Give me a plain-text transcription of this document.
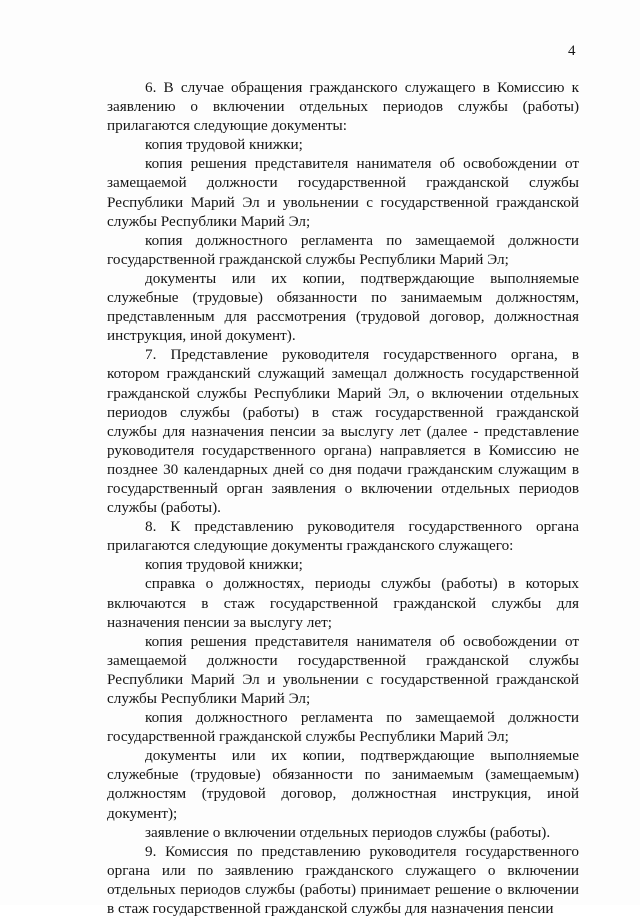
4

6. В случае обращения гражданского служащего в Комиссию к заявлению о включении отдельных периодов службы (работы) прилагаются следующие документы:

копия трудовой книжки;

копия решения представителя нанимателя об освобождении от замещаемой должности государственной гражданской службы Республики Марий Эл и увольнении с государственной гражданской службы Республики Марий Эл;

копия должностного регламента по замещаемой должности государственной гражданской службы Республики Марий Эл;

документы или их копии, подтверждающие выполняемые служебные (трудовые) обязанности по занимаемым должностям, представленным для рассмотрения (трудовой договор, должностная инструкция, иной документ).

7. Представление руководителя государственного органа, в котором гражданский служащий замещал должность государственной гражданской службы Республики Марий Эл, о включении отдельных периодов службы (работы) в стаж государственной гражданской службы для назначения пенсии за выслугу лет (далее - представление руководителя государственного органа) направляется в Комиссию не позднее 30 календарных дней со дня подачи гражданским служащим в государственный орган заявления о включении отдельных периодов службы (работы).

8. К представлению руководителя государственного органа прилагаются следующие документы гражданского служащего:

копия трудовой книжки;

справка о должностях, периоды службы (работы) в которых включаются в стаж государственной гражданской службы для назначения пенсии за выслугу лет;

копия решения представителя нанимателя об освобождении от замещаемой должности государственной гражданской службы Республики Марий Эл и увольнении с государственной гражданской службы Республики Марий Эл;

копия должностного регламента по замещаемой должности государственной гражданской службы Республики Марий Эл;

документы или их копии, подтверждающие выполняемые служебные (трудовые) обязанности по занимаемым (замещаемым) должностям (трудовой договор, должностная инструкция, иной документ);

заявление о включении отдельных периодов службы (работы).

9. Комиссия по представлению руководителя государственного органа или по заявлению гражданского служащего о включении отдельных периодов службы (работы) принимает решение о включении в стаж государственной гражданской службы для назначения пенсии
